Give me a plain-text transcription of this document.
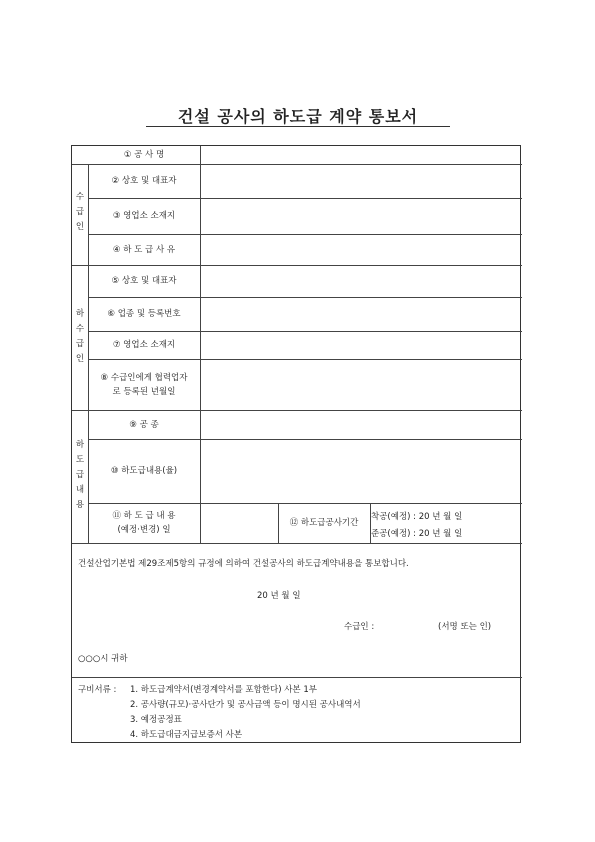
건설 공사의 하도급 계약 통보서
① 공 사 명
② 상호 및 대표자
③ 영업소 소재지
④ 하 도 급 사 유
⑤ 상호 및 대표자
⑥ 업종 및 등록번호
⑦ 영업소 소재지
⑧ 수급인에게 협력업자
로 등록된 년월일
⑨ 공 종
⑩ 하도급내용(율)
⑪ 하 도 급 내 용
(예정·변경) 일
⑫ 하도급공사기간
착공(예정) : 20 년 월 일
준공(예정) : 20 년 월 일
수
급
인
하
수
급
인
하
도
급
내
용
건설산업기본법 제29조제5항의 규정에 의하여 건설공사의 하도급계약내용을 통보합니다.
20 년 월 일
수급인 :	(서명 또는 인)
○○○시 귀하
구비서류 : 1. 하도급계약서(변경계약서를 포함한다) 사본 1부
2. 공사량(규모)·공사단가 및 공사금액 등이 명시된 공사내역서
3. 예정공정표
4. 하도급대금지급보증서 사본
